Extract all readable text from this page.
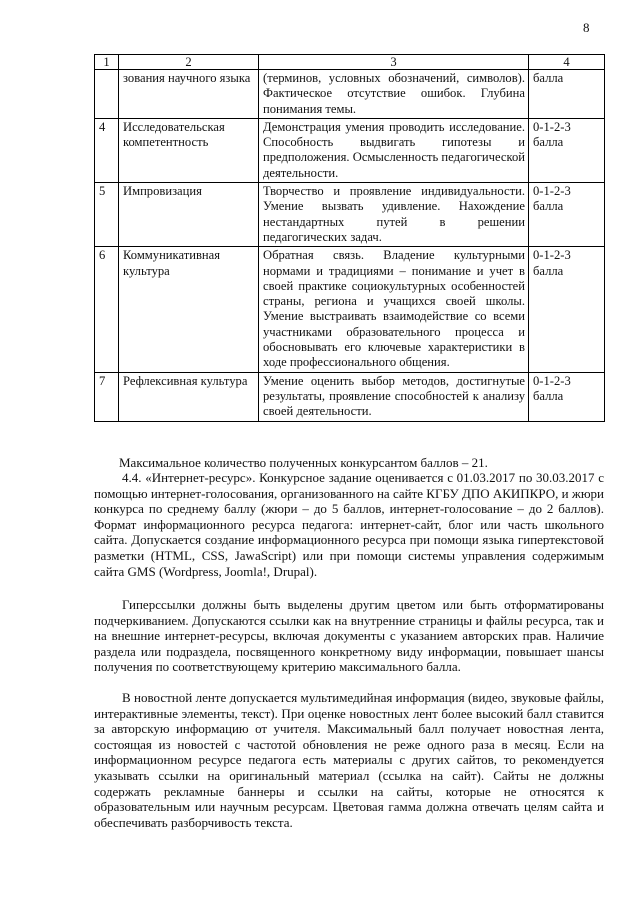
8
1	2	3	4
	зования научного языка	(терминов, условных обозначений, символов). Фактическое отсутствие ошибок. Глубина понимания темы.	балла
4	Исследовательская компетентность	Демонстрация умения проводить исследование. Способность выдвигать гипотезы и предположения. Осмысленность педагогической деятельности.	0-1-2-3 балла
5	Импровизация	Творчество и проявление индивидуальности. Умение вызвать удивление. Нахождение нестандартных путей в решении педагогических задач.	0-1-2-3 балла
6	Коммуникативная культура	Обратная связь. Владение культурными нормами и традициями – понимание и учет в своей практике социокультурных особенностей страны, региона и учащихся своей школы. Умение выстраивать взаимодействие со всеми участниками образовательного процесса и обосновывать его ключевые характеристики в ходе профессионального общения.	0-1-2-3 балла
7	Рефлексивная культура	Умение оценить выбор методов, достигнутые результаты, проявление способностей к анализу своей деятельности.	0-1-2-3 балла
Максимальное количество полученных конкурсантом баллов – 21.

4.4. «Интернет-ресурс». Конкурсное задание оценивается с 01.03.2017 по 30.03.2017 с помощью интернет-голосования, организованного на сайте КГБУ ДПО АКИПКРО, и жюри конкурса по среднему баллу (жюри – до 5 баллов, интернет-голосование – до 2 баллов). Формат информационного ресурса педагога: интернет-сайт, блог или часть школьного сайта. Допускается создание информационного ресурса при помощи языка гипертекстовой разметки (HTML, CSS, JawaScript) или при помощи системы управления содержимым сайта GMS (Wordpress, Joomla!, Drupal).

Гиперссылки должны быть выделены другим цветом или быть отформатированы подчеркиванием. Допускаются ссылки как на внутренние страницы и файлы ресурса, так и на внешние интернет-ресурсы, включая документы с указанием авторских прав. Наличие раздела или подраздела, посвященного конкретному виду информации, повышает шансы получения по соответствующему критерию максимального балла.

В новостной ленте допускается мультимедийная информация (видео, звуковые файлы, интерактивные элементы, текст). При оценке новостных лент более высокий балл ставится за авторскую информацию от учителя. Максимальный балл получает новостная лента, состоящая из новостей с частотой обновления не реже одного раза в месяц. Если на информационном ресурсе педагога есть материалы с других сайтов, то рекомендуется указывать ссылки на оригинальный материал (ссылка на сайт). Сайты не должны содержать рекламные баннеры и ссылки на сайты, которые не относятся к образовательным или научным ресурсам. Цветовая гамма должна отвечать целям сайта и обеспечивать разборчивость текста.
